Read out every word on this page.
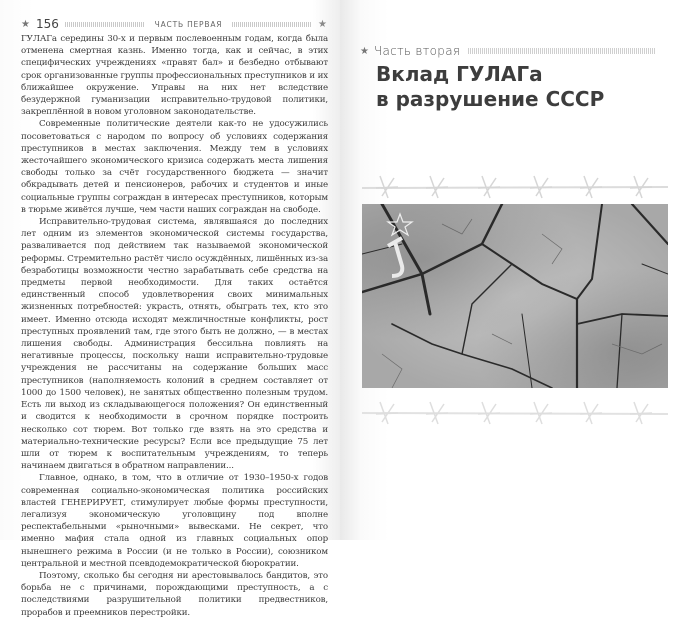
★ 156	ЧАСТЬ ПЕРВАЯ	★

ГУЛАГа середины 30-х и первым послевоенным годам, когда была отменена смертная казнь. Именно тогда, как и сейчас, в этих специфических учреждениях «правят бал» и безбедно отбывают срок организованные группы профессиональных преступников и их ближайшее окружение. Управы на них нет вследствие безудержной гуманизации исправительно-трудовой политики, закреплённой в новом уголовном законодательстве.

Современные политические деятели как-то не удосужились посоветоваться с народом по вопросу об условиях содержания преступников в местах заключения. Между тем в условиях жесточайшего экономического кризиса содержать места лишения свободы только за счёт государственного бюджета — значит обкрадывать детей и пенсионеров, рабочих и студентов и иные социальные группы сограждан в интересах преступников, которым в тюрьме живётся лучше, чем части наших сограждан на свободе.

Исправительно-трудовая система, являвшаяся до последних лет одним из элементов экономической системы государства, разваливается под действием так называемой экономической реформы. Стремительно растёт число осуждённых, лишённых из-за безработицы возможности честно зарабатывать себе средства на предметы первой необходимости. Для таких остаётся единственный способ удовлетворения своих минимальных жизненных потребностей: украсть, отнять, обыграть тех, кто это имеет. Именно отсюда исходят межличностные конфликты, рост преступных проявлений там, где этого быть не должно, — в местах лишения свободы. Администрация бессильна повлиять на негативные процессы, поскольку наши исправительно-трудовые учреждения не рассчитаны на содержание больших масс преступников (наполняемость колоний в среднем составляет от 1000 до 1500 человек), не занятых общественно полезным трудом. Есть ли выход из складывающегося положения? Он единственный и сводится к необходимости в срочном порядке построить несколько сот тюрем. Вот только где взять на это средства и материально-технические ресурсы? Если все предыдущие 75 лет шли от тюрем к воспитательным учреждениям, то теперь начинаем двигаться в обратном направлении...

Главное, однако, в том, что в отличие от 1930–1950-х годов современная социально-экономическая политика российских властей ГЕНЕРИРУЕТ, стимулирует любые формы преступности, легализуя экономическую уголовщину под вполне респектабельными «рыночными» вывесками. Не секрет, что именно мафия стала одной из главных социальных опор нынешнего режима в России (и не только в России), союзником центральной и местной псевдодемократической бюрократии.

Поэтому, сколько бы сегодня ни арестовывалось бандитов, это борьба не с причинами, порождающими преступность, а с последствиями разрушительной политики предвестников, прорабов и преемников перестройки.

★ Часть вторая
Вклад ГУЛАГа
в разрушение СССР
